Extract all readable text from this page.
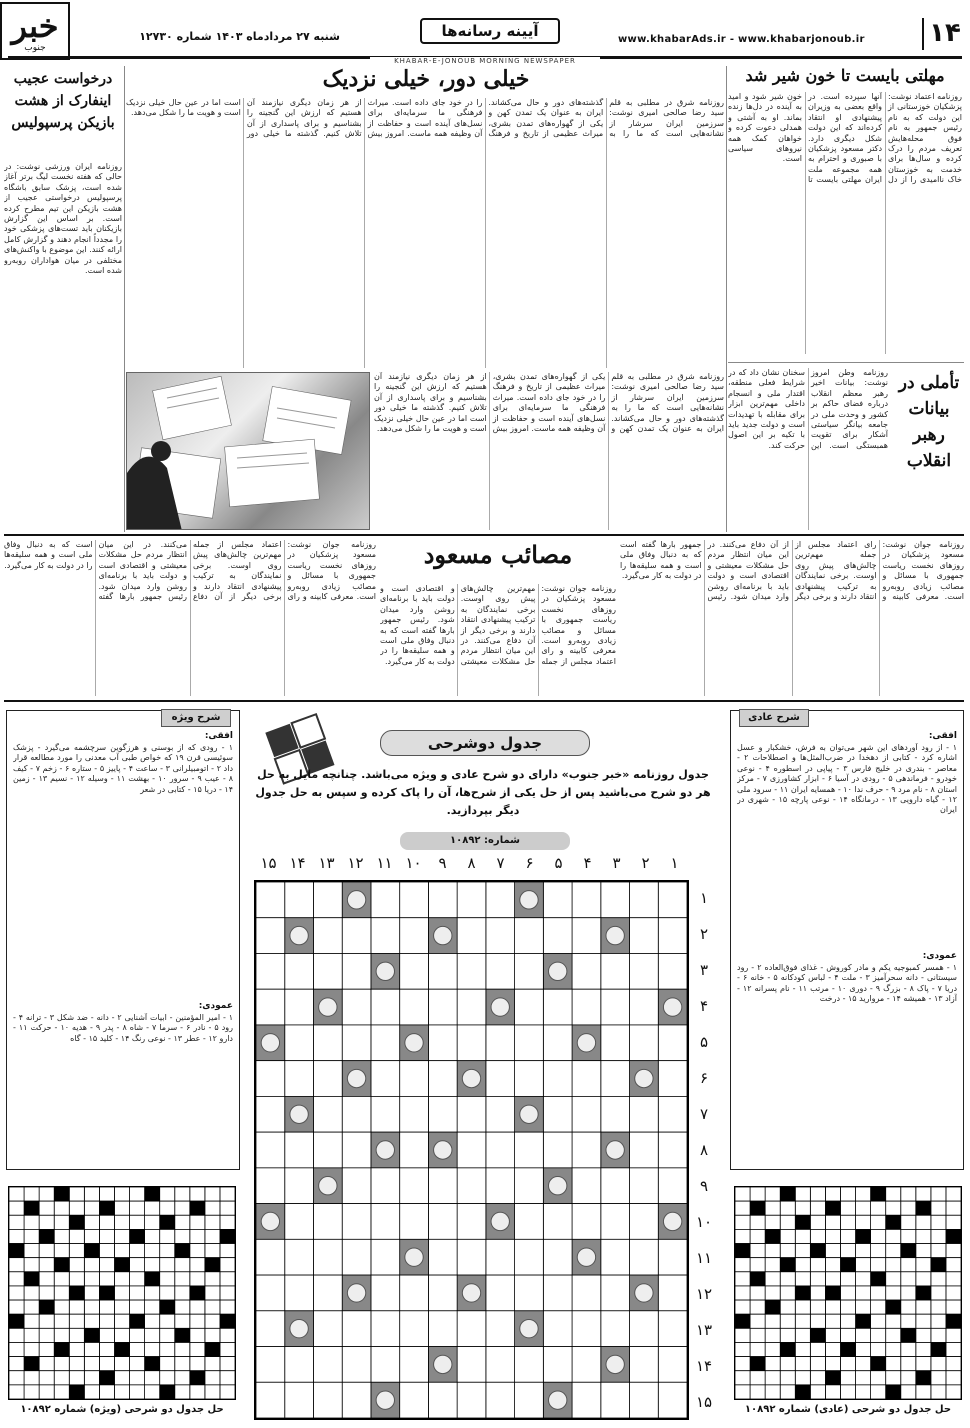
خبر
جنوب
شنبه ۲۷ مردادماه ۱۴۰۳ شماره ۱۲۷۳۰	آیینه رسانه‌ها	www.khabarAds.ir - www.khabarjonoub.ir	۱۴
KHABAR-E-JONOUB MORNING NEWSPAPER
مهلتی بایست تا خون شیر شد
روزنامه اعتماد نوشت: پزشکیان خوزستانی از این دولت که به نام رئیس جمهور به نام فوق محله‌هایش تعریف مردم را درک کرده و سال‌ها برای خدمت به خوزستان خاک ناامیدی را از دل آنها سپرده است. در واقع بعضی به وزیران پیشنهادی او انتقاد کرده‌اند که این دولت شکل دیگری دارد. دکتر مسعود پزشکیان با صبوری و احترام به همه مجموعه ملت ایران مهلتی بایست تا خون شیر شود و امید به آینده در دل‌ها زنده بماند. او به آشتی و همدلی دعوت کرده و خواهان کمک همه نیروهای سیاسی است.
تأملی در بیانات رهبر انقلاب
روزنامه وطن امروز نوشت: بیانات اخیر رهبر معظم انقلاب درباره فضای حاکم بر کشور و وحدت ملی در جامعه بیانگر سیاستی آشکار برای تقویت همبستگی است. این سخنان نشان داد که در شرایط فعلی منطقه، اقتدار ملی و انسجام داخلی مهم‌ترین ابزار برای مقابله با تهدیدات است و دولت جدید باید با تکیه بر این اصول حرکت کند.
خیلی دور، خیلی نزدیک
روزنامه شرق در مطلبی به قلم سید رضا صالحی امیری نوشت: سرزمین ایران سرشار از نشانه‌هایی است که ما را به گذشته‌های دور و حال می‌کشاند. ایران به عنوان یک تمدن کهن و یکی از گهواره‌های تمدن بشری، میراث عظیمی از تاریخ و فرهنگ را در خود جای داده است. میراث فرهنگی ما سرمایه‌ای برای نسل‌های آینده است و حفاظت از آن وظیفه همه ماست. امروز بیش از هر زمان دیگری نیازمند آن هستیم که ارزش این گنجینه را بشناسیم و برای پاسداری از آن تلاش کنیم. گذشته ما خیلی دور است اما در عین حال خیلی نزدیک است و هویت ما را شکل می‌دهد.
روزنامه شرق در مطلبی به قلم سید رضا صالحی امیری نوشت: سرزمین ایران سرشار از نشانه‌هایی است که ما را به گذشته‌های دور و حال می‌کشاند. ایران به عنوان یک تمدن کهن و یکی از گهواره‌های تمدن بشری، میراث عظیمی از تاریخ و فرهنگ را در خود جای داده است. میراث فرهنگی ما سرمایه‌ای برای نسل‌های آینده است و حفاظت از آن وظیفه همه ماست. امروز بیش از هر زمان دیگری نیازمند آن هستیم که ارزش این گنجینه را بشناسیم و برای پاسداری از آن تلاش کنیم. گذشته ما خیلی دور است اما در عین حال خیلی نزدیک است و هویت ما را شکل می‌دهد.
درخواست عجیب اینفارک از هشت بازیکن پرسپولیس
روزنامه ایران ورزشی نوشت: در حالی که هفته نخست لیگ برتر آغاز شده است، پزشک سابق باشگاه پرسپولیس درخواستی عجیب از هشت بازیکن این تیم مطرح کرده است. بر اساس این گزارش بازیکنان باید تست‌های پزشکی خود را مجدداً انجام دهند و گزارش کامل ارائه کنند. این موضوع با واکنش‌های مختلفی در میان هواداران روبه‌رو شده است.
روزنامه جوان نوشت: مسعود پزشکیان در روزهای نخست ریاست جمهوری با مسائل و مصائب زیادی روبه‌رو است. معرفی کابینه و رای اعتماد مجلس از جمله مهم‌ترین چالش‌های پیش روی اوست. برخی نمایندگان به ترکیب پیشنهادی انتقاد دارند و برخی دیگر از آن دفاع می‌کنند. در این میان انتظار مردم حل مشکلات معیشتی و اقتصادی است و دولت باید با برنامه‌ای روشن وارد میدان شود. رئیس جمهور بارها گفته است که به دنبال وفاق ملی است و همه سلیقه‌ها را در دولت به کار می‌گیرد.
مصائب مسعود
روزنامه جوان نوشت: مسعود پزشکیان در روزهای نخست ریاست جمهوری با مسائل و مصائب زیادی روبه‌رو است. معرفی کابینه و رای اعتماد مجلس از جمله مهم‌ترین چالش‌های پیش روی اوست. برخی نمایندگان به ترکیب پیشنهادی انتقاد دارند و برخی دیگر از آن دفاع می‌کنند. در این میان انتظار مردم حل مشکلات معیشتی و اقتصادی است و دولت باید با برنامه‌ای روشن وارد میدان شود. رئیس جمهور بارها گفته است که به دنبال وفاق ملی است و همه سلیقه‌ها را در دولت به کار می‌گیرد.
روزنامه جوان نوشت: مسعود پزشکیان در روزهای نخست ریاست جمهوری با مسائل و مصائب زیادی روبه‌رو است. معرفی کابینه و رای اعتماد مجلس از جمله مهم‌ترین چالش‌های پیش روی اوست. برخی نمایندگان به ترکیب پیشنهادی انتقاد دارند و برخی دیگر از آن دفاع می‌کنند. در این میان انتظار مردم حل مشکلات معیشتی و اقتصادی است و دولت باید با برنامه‌ای روشن وارد میدان شود. رئیس جمهور بارها گفته است که به دنبال وفاق ملی است و همه سلیقه‌ها را در دولت به کار می‌گیرد.
شرح عادی
افقی:
۱ - از رود آوردهای این شهر می‌توان به فرش، خشکبار و عسل اشاره کرد - کتابی از دهخدا در ضرب‌المثل‌ها و اصطلاحات ۲ - معاصر - بندری در خلیج فارس ۳ - پیاپی در اسطوره ۴ - نوعی خودرو - فرماندهی ۵ - رودی در آسیا ۶ - ابزار کشاورزی ۷ - مرکز استان ۸ - نام مرد ۹ - حرف ندا ۱۰ - همسایه ایران ۱۱ - سرود ملی ۱۲ - گیاه دارویی ۱۳ - درمانگاه ۱۴ - نوعی پارچه ۱۵ - شهری در ایران
عمودی:
۱ - همسر کمبوجیه یکم و مادر کوروش - غذای فوق‌العاده ۲ - رود سیستانی - دانه سحرآمیز ۳ - ملت ۴ - لباس کودکانه ۵ - خانه ۶ - دریا ۷ - پاک ۸ - بزرگ ۹ - دوری ۱۰ - مرتب ۱۱ - نام پسرانه ۱۲ - آزاد ۱۳ - همیشه ۱۴ - مروارید ۱۵ - درخت
شرح ویژه
افقی:
۱ - رودی که از بوسنی و هرزگوین سرچشمه می‌گیرد - پزشک سوئیسی قرن ۱۹ که خواص طبی آب معدنی را مورد مطالعه قرار داد ۲ - اتومبیلرانی ۳ - ساعت ۴ - پاییز ۵ - ستاره ۶ - زخم ۷ - کیف ۸ - عیب ۹ - سرور ۱۰ - بهشت ۱۱ - وسیله ۱۲ - نسیم ۱۳ - زمین ۱۴ - دریا ۱۵ - کتابی در شعر
عمودی:
۱ - امیر المؤمنین - ابیات آشنایی ۲ - دانه - ضد شکل ۳ - ترانه ۴ - رود ۵ - نادر ۶ - سرما ۷ - شاه ۸ - پدر ۹ - هدیه ۱۰ - حرکت ۱۱ - دارو ۱۲ - عطر ۱۳ - نوعی رنگ ۱۴ - کلید ۱۵ - گاه
جدول دوشرحی
جدول روزنامه «خبر جنوب» دارای دو شرح عادی و ویژه می‌باشد. چنانچه مایل به حل هر دو شرح می‌باشید پس از حل یکی از شرح‌ها، آن را پاک کرده و سپس به حل جدول دیگر بپردازید.
شماره: ۱۰۸۹۲
۱
۲
۳
۴
۵
۶
۷
۸
۹
۱۰
۱۱
۱۲
۱۳
۱۴
۱۵
۱
۲
۳
۴
۵
۶
۷
۸
۹
۱۰
۱۱
۱۲
۱۳
۱۴
۱۵
حل جدول دو شرحی (ویژه) شماره ۱۰۸۹۲	حل جدول دو شرحی (عادی) شماره ۱۰۸۹۲
